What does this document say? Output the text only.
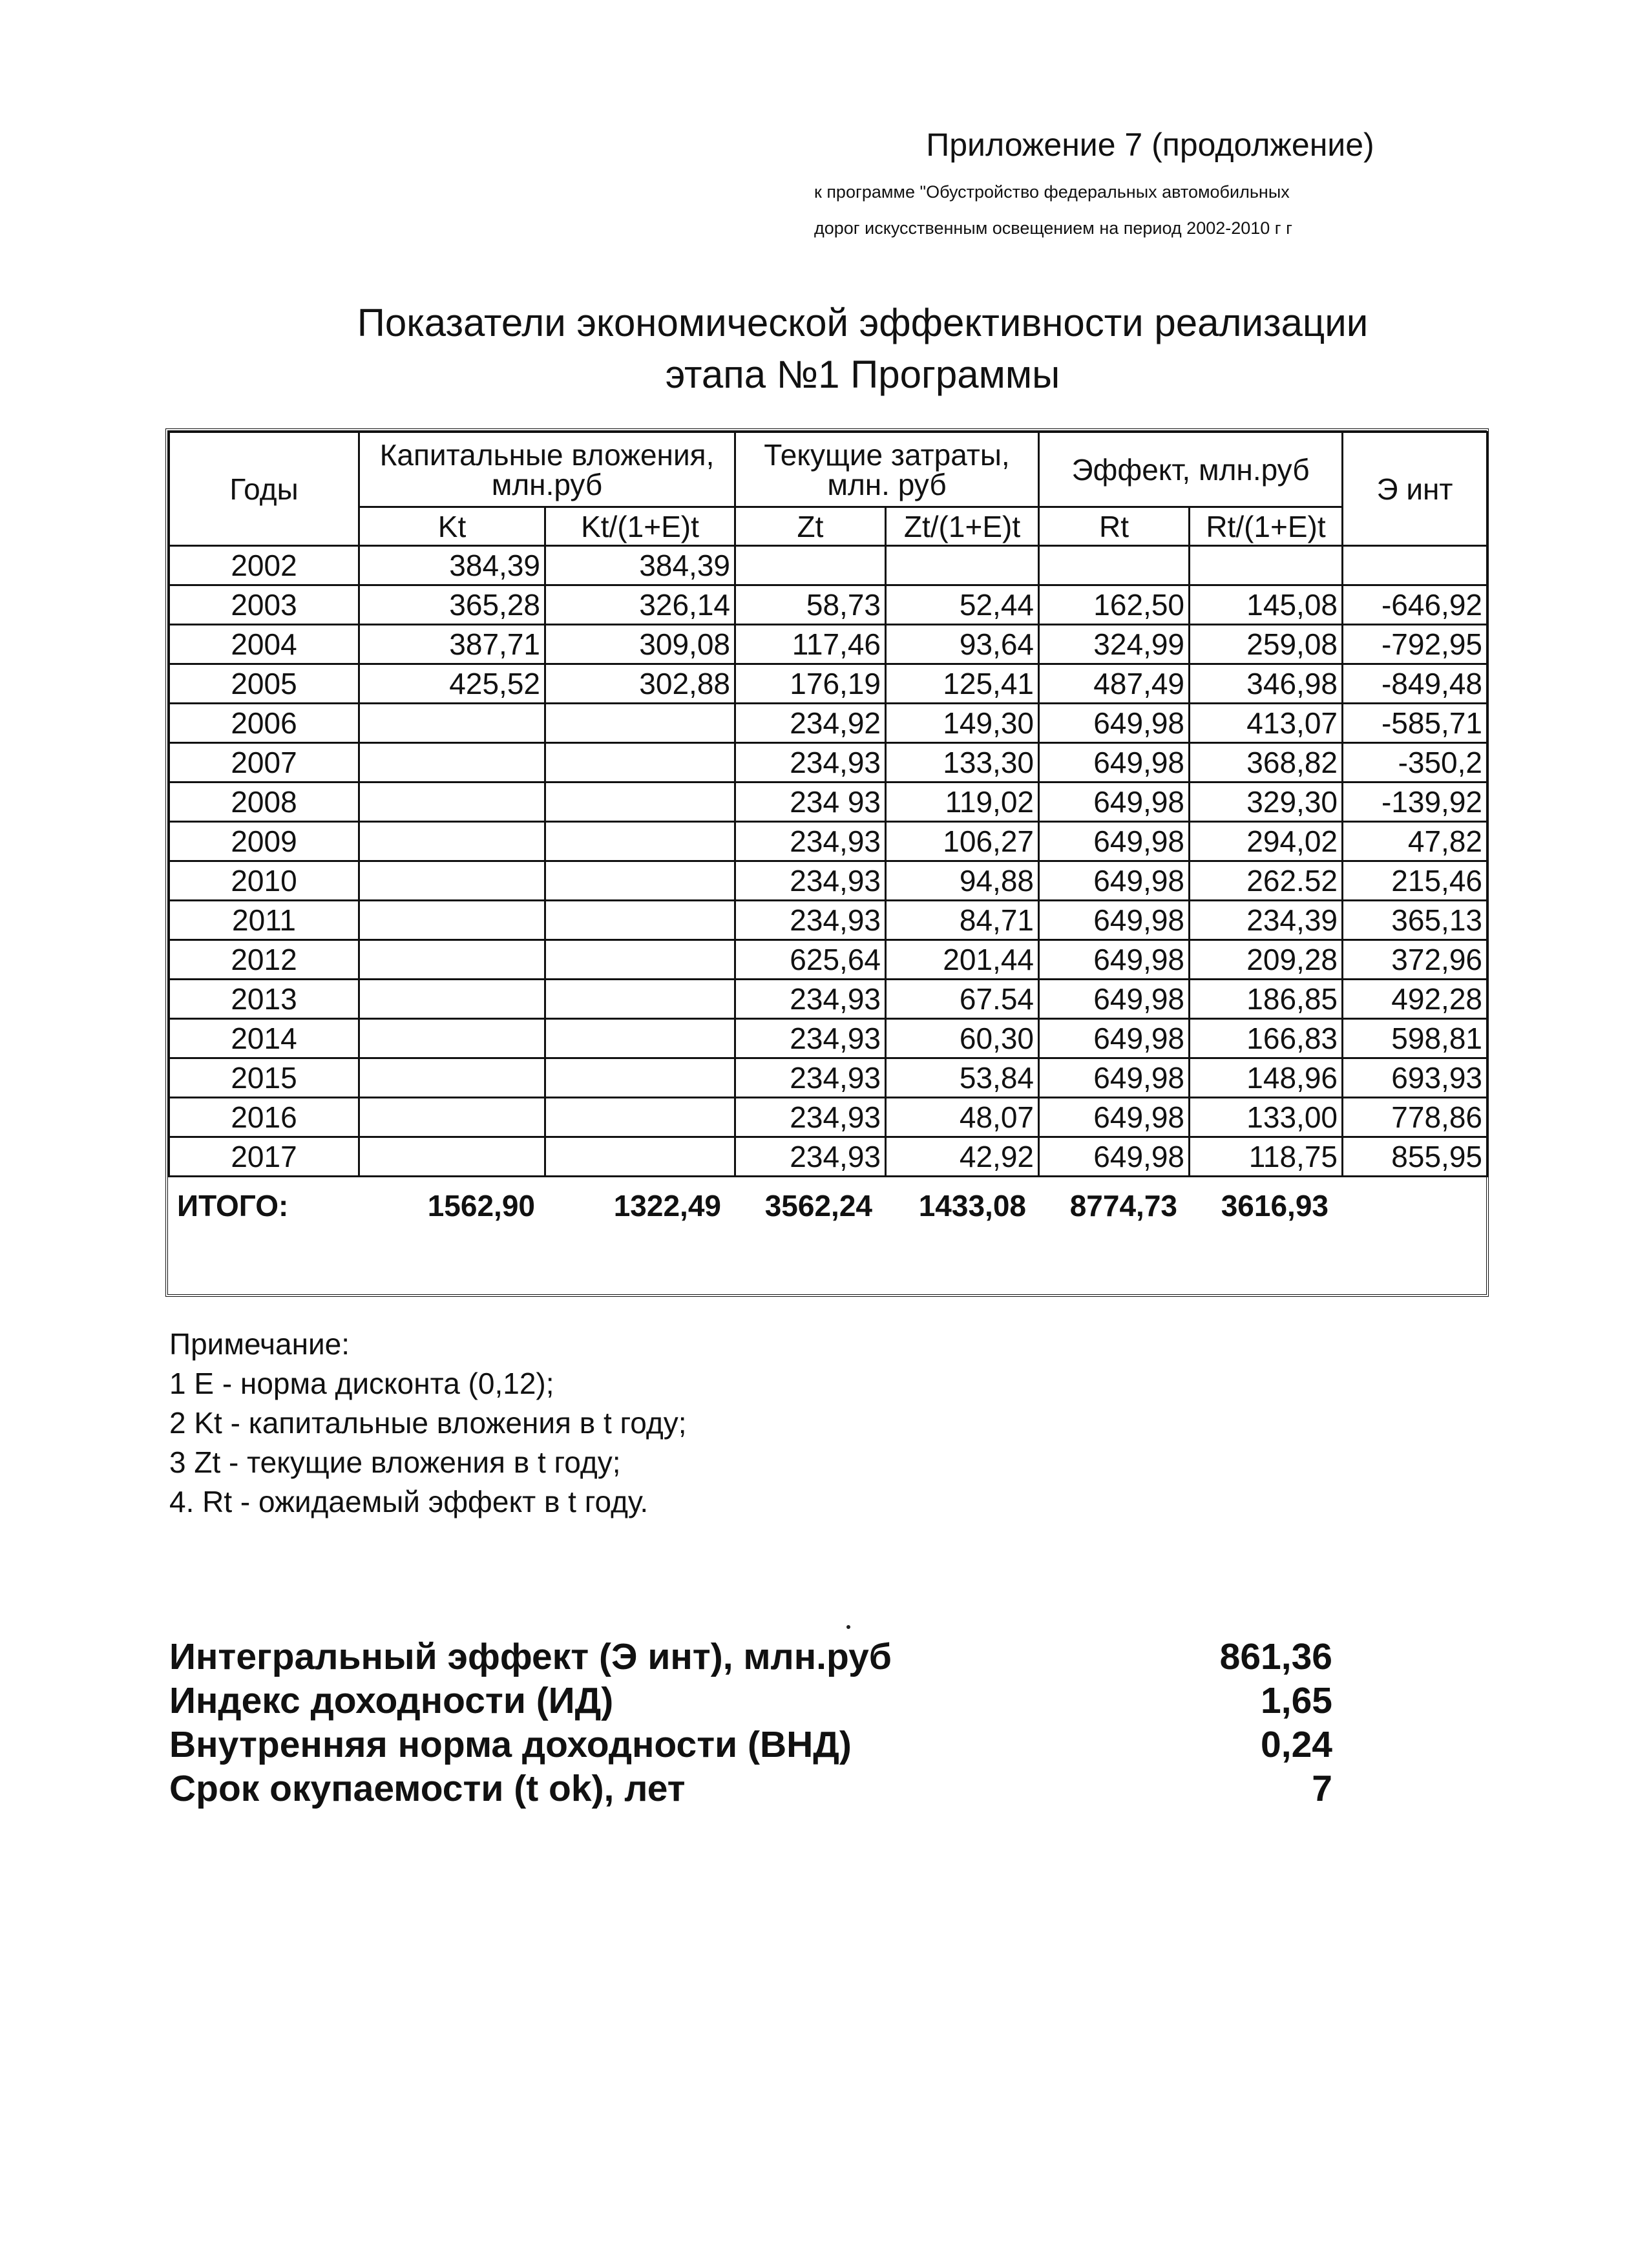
Приложение 7 (продолжение)
к программе "Обустройство федеральных автомобильных
дорог искусственным освещением на период 2002-2010 г г
Показатели экономической эффективности реализации
этапа №1 Программы
Годы	Капитальные вложения, млн.руб		Текущие затраты, млн. руб		Эффект, млн.руб		Э инт
	Kt	Kt/(1+E)t	Zt	Zt/(1+E)t	Rt	Rt/(1+E)t	
2002	384,39	384,39					
2003	365,28	326,14	58,73	52,44	162,50	145,08	-646,92
2004	387,71	309,08	117,46	93,64	324,99	259,08	-792,95
2005	425,52	302,88	176,19	125,41	487,49	346,98	-849,48
2006			234,92	149,30	649,98	413,07	-585,71
2007			234,93	133,30	649,98	368,82	-350,2
2008			234 93	119,02	649,98	329,30	-139,92
2009			234,93	106,27	649,98	294,02	47,82
2010			234,93	94,88	649,98	262.52	215,46
2011			234,93	84,71	649,98	234,39	365,13
2012			625,64	201,44	649,98	209,28	372,96
2013			234,93	67.54	649,98	186,85	492,28
2014			234,93	60,30	649,98	166,83	598,81
2015			234,93	53,84	649,98	148,96	693,93
2016			234,93	48,07	649,98	133,00	778,86
2017			234,93	42,92	649,98	118,75	855,95
ИТОГО:	1562,90	1322,49	3562,24	1433,08	8774,73	3616,93
Примечание:
1 E - норма дисконта (0,12);
2 Kt - капитальные вложения в t году;
3 Zt - текущие вложения в t году;
4. Rt - ожидаемый эффект в t году.
Интегральный эффект (Э инт), млн.руб	861,36
Индекс доходности (ИД)	1,65
Внутренняя норма доходности (ВНД)	0,24
Срок окупаемости (t ok), лет	7
